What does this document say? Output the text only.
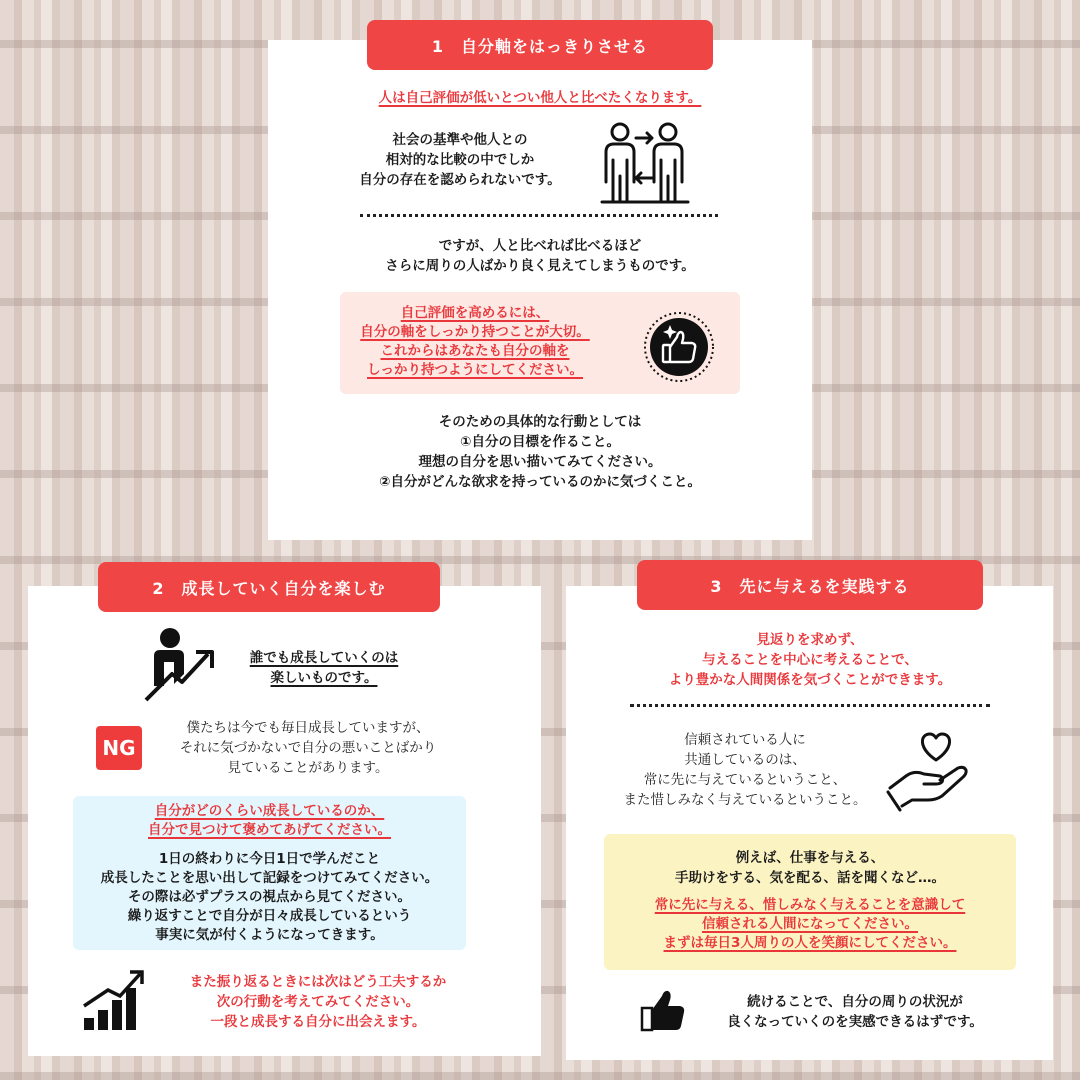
1　自分軸をはっきりさせる
人は自己評価が低いとつい他人と比べたくなります。
社会の基準や他人との
相対的な比較の中でしか
自分の存在を認められないです。
ですが、人と比べれば比べるほど
さらに周りの人ばかり良く見えてしまうものです。
自己評価を高めるには、
自分の軸をしっかり持つことが大切。
これからはあなたも自分の軸を
しっかり持つようにしてください。
そのための具体的な行動としては
①自分の目標を作ること。
理想の自分を思い描いてみてください。
②自分がどんな欲求を持っているのかに気づくこと。
2　成長していく自分を楽しむ
誰でも成長していくのは
楽しいものです。
NG
僕たちは今でも毎日成長していますが、
それに気づかないで自分の悪いことばかり
見ていることがあります。
自分がどのくらい成長しているのか、
自分で見つけて褒めてあげてください。
1日の終わりに今日1日で学んだこと
成長したことを思い出して記録をつけてみてください。
その際は必ずプラスの視点から見てください。
繰り返すことで自分が日々成長しているという
事実に気が付くようになってきます。
また振り返るときには次はどう工夫するか
次の行動を考えてみてください。
一段と成長する自分に出会えます。
3　先に与えるを実践する
見返りを求めず、
与えることを中心に考えることで、
より豊かな人間関係を気づくことができます。
信頼されている人に
共通しているのは、
常に先に与えているということ、
また惜しみなく与えているということ。
例えば、仕事を与える、
手助けをする、気を配る、話を聞くなど…。
常に先に与える、惜しみなく与えることを意識して
信頼される人間になってください。
まずは毎日3人周りの人を笑顔にしてください。
続けることで、自分の周りの状況が
良くなっていくのを実感できるはずです。
